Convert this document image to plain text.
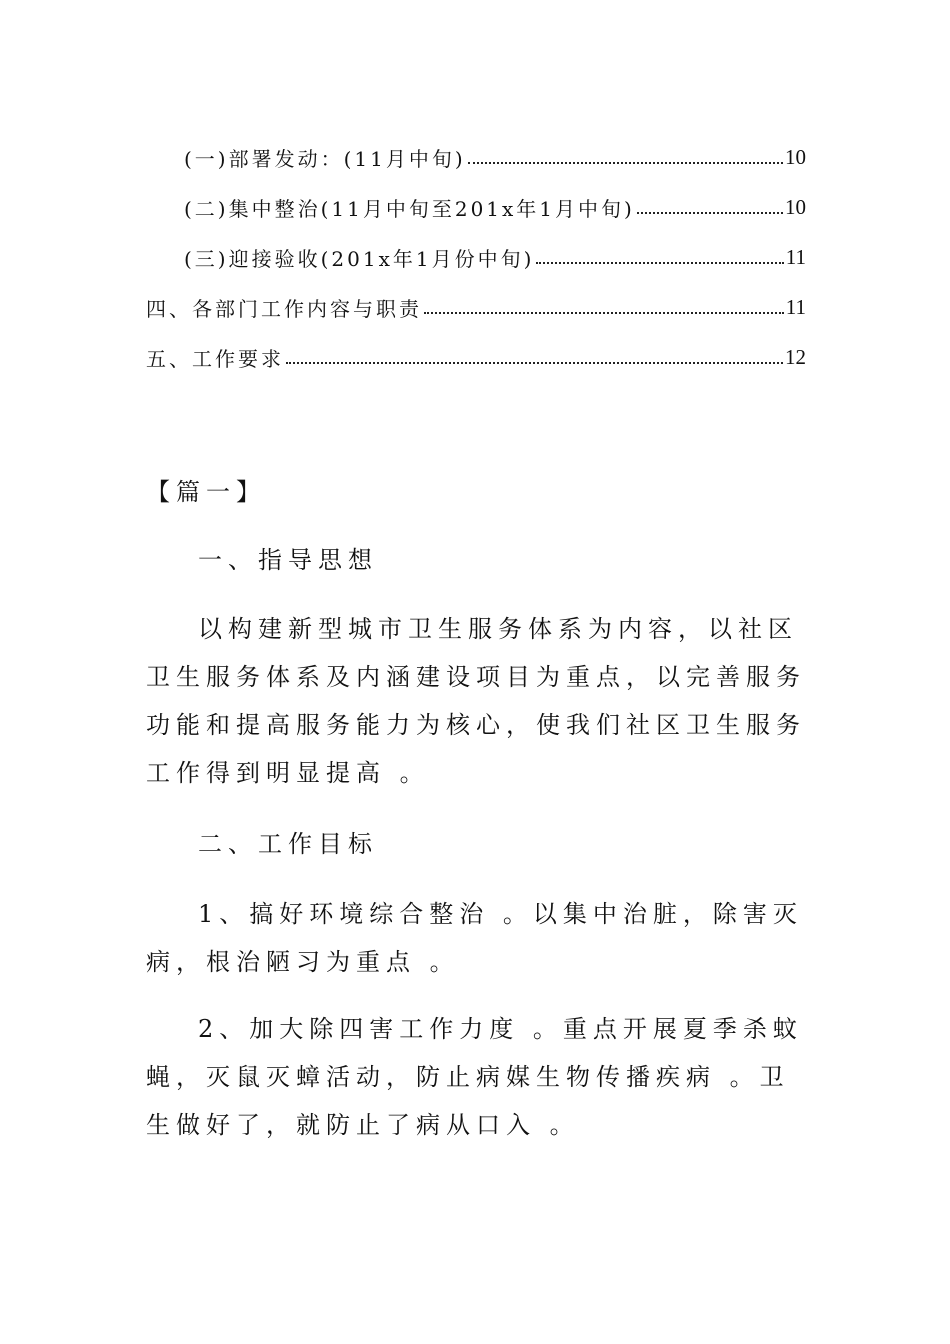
(一)部署发动：(11月中旬)	10
(二)集中整治(11月中旬至201x年1月中旬)	10
(三)迎接验收(201x年1月份中旬)	11
四、各部门工作内容与职责	11
五、工作要求	12
【篇一】
一、指导思想
以构建新型城市卫生服务体系为内容，以社区卫生服务体系及内涵建设项目为重点，以完善服务功能和提高服务能力为核心，使我们社区卫生服务工作得到明显提高 。
二、工作目标
1、搞好环境综合整治 。以集中治脏，除害灭病，根治陋习为重点 。
2、加大除四害工作力度 。重点开展夏季杀蚊蝇，灭鼠灭蟑活动，防止病媒生物传播疾病 。卫生做好了，就防止了病从口入 。
